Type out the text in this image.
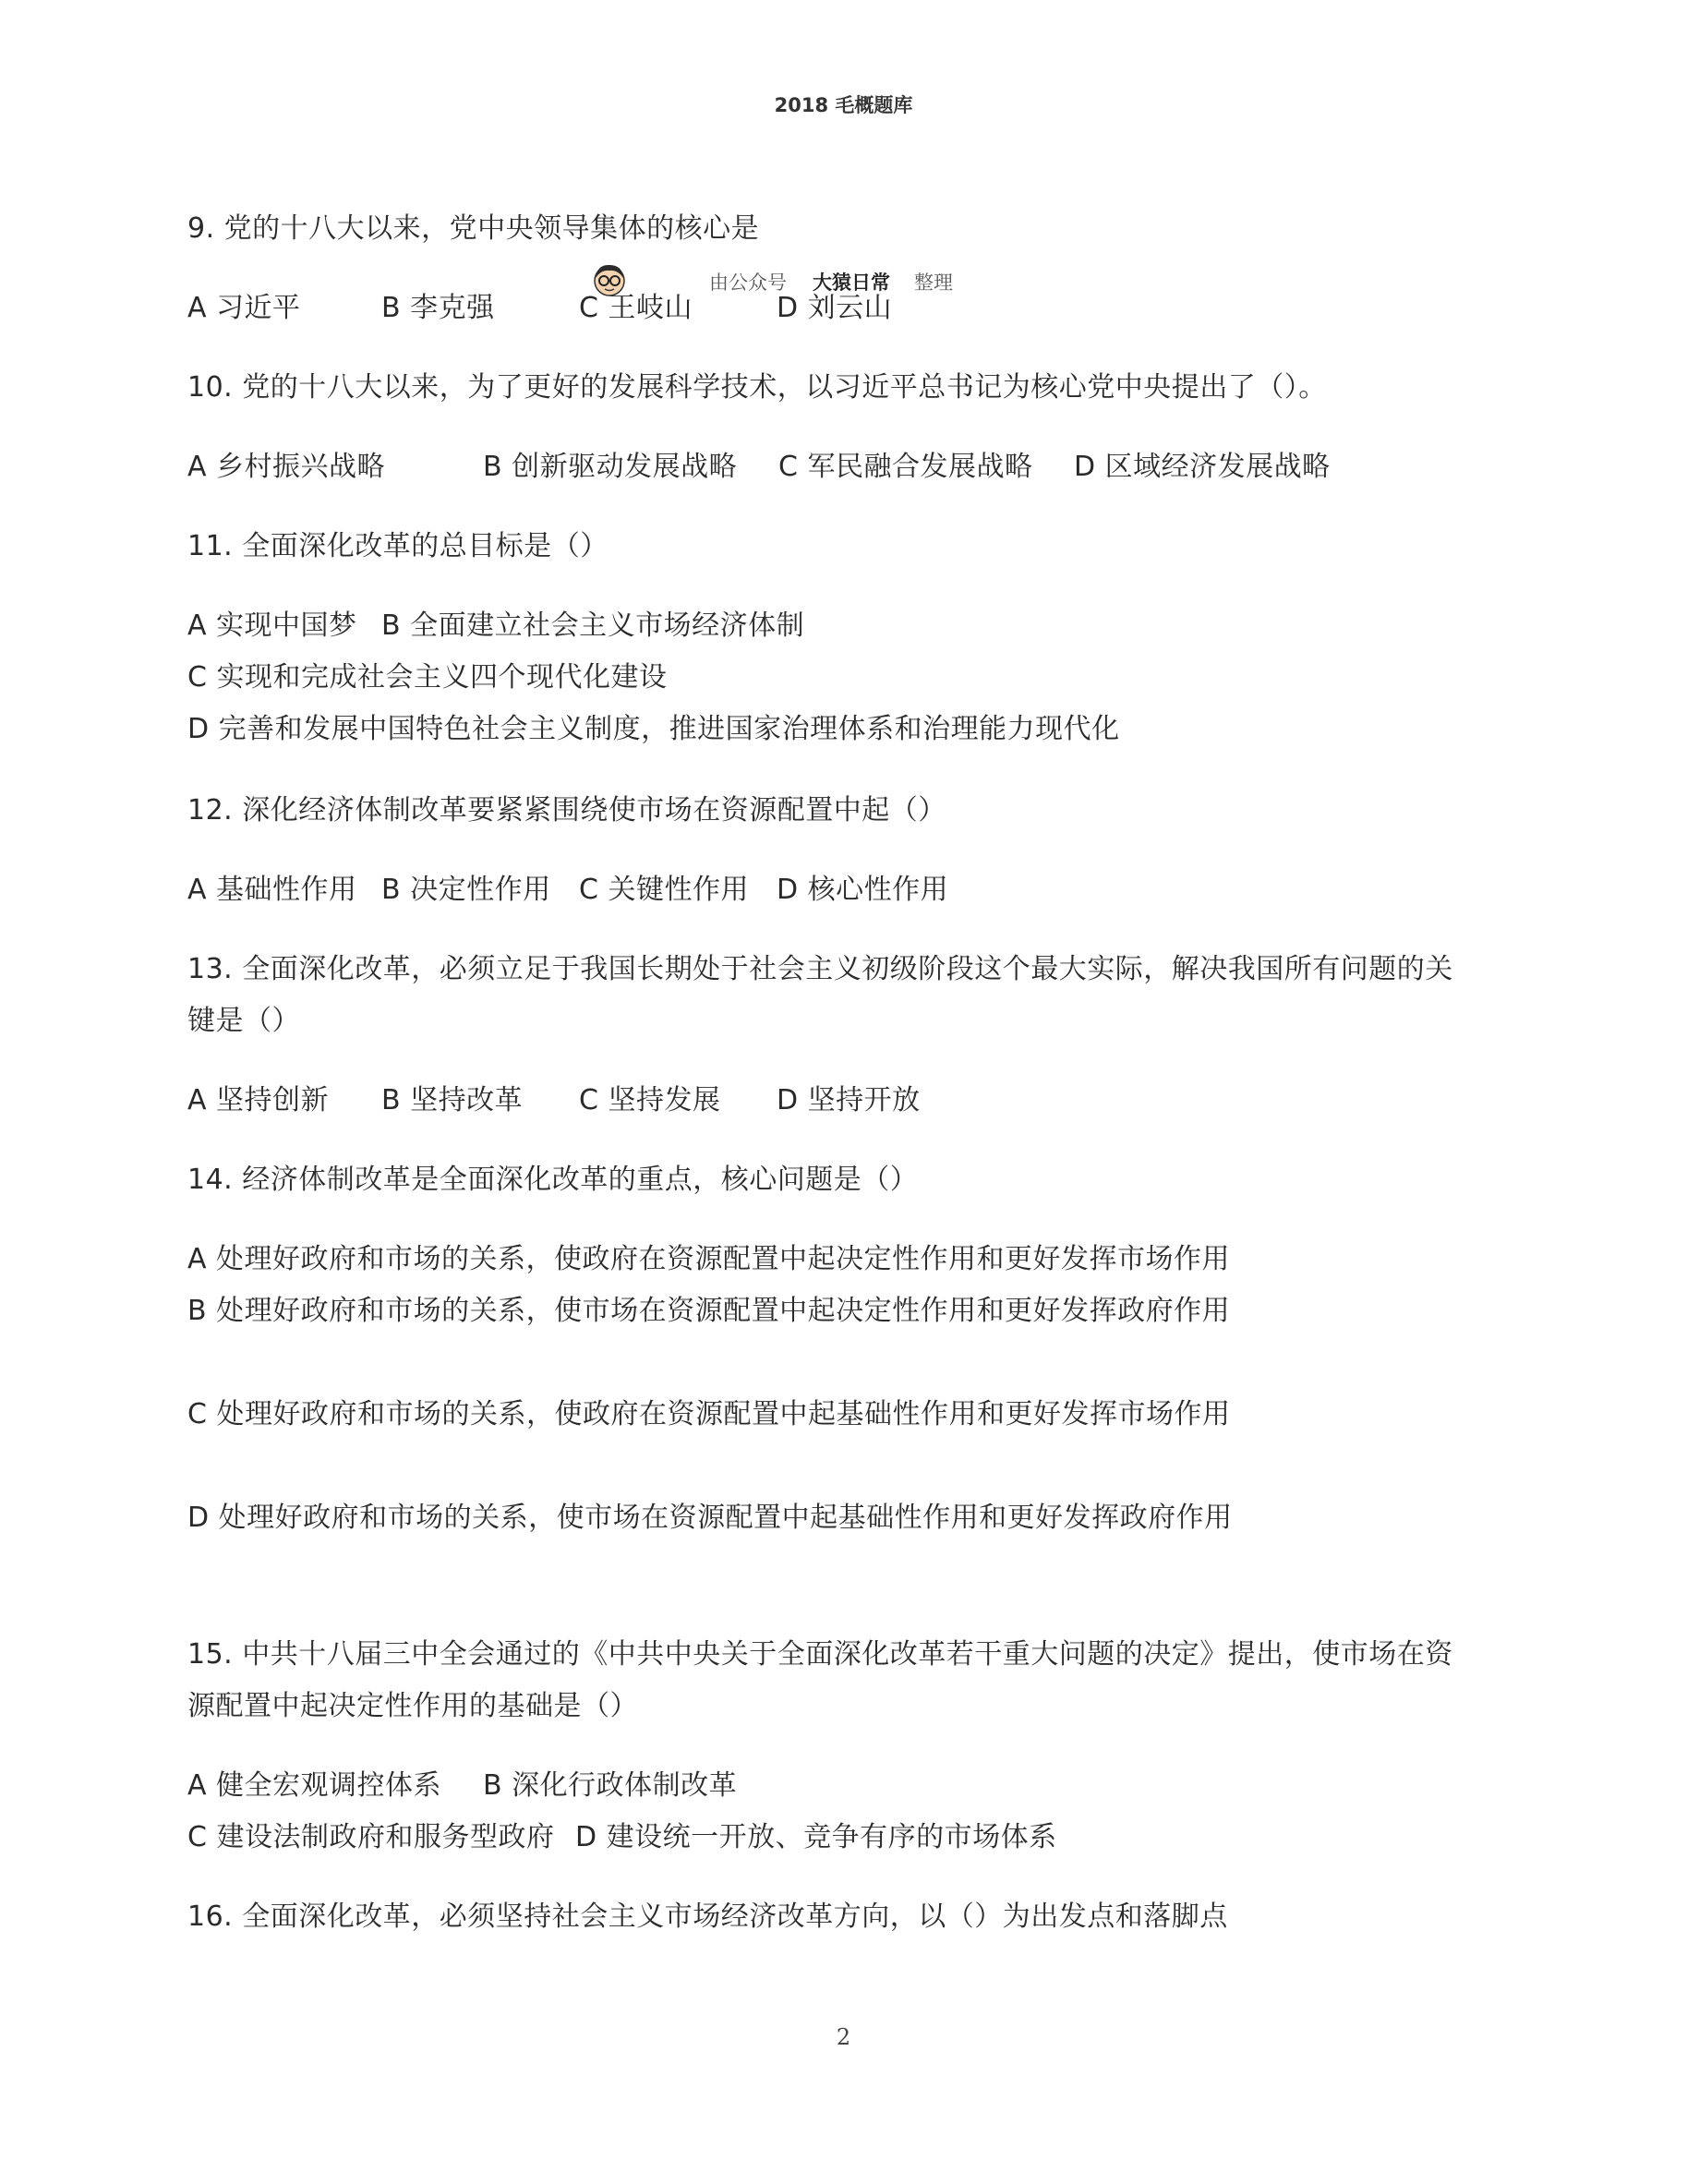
2018 毛概题库
由公众号 大猿日常 整理
9. 党的十八大以来，党中央领导集体的核心是
A 习近平	B 李克强	C 王岐山	D 刘云山
10. 党的十八大以来，为了更好的发展科学技术，以习近平总书记为核心党中央提出了（）。
A 乡村振兴战略	B 创新驱动发展战略 C 军民融合发展战略 D 区域经济发展战略
11. 全面深化改革的总目标是（）
A 实现中国梦 B 全面建立社会主义市场经济体制
C 实现和完成社会主义四个现代化建设
D 完善和发展中国特色社会主义制度，推进国家治理体系和治理能力现代化
12. 深化经济体制改革要紧紧围绕使市场在资源配置中起（）
A 基础性作用 B 决定性作用 C 关键性作用 D 核心性作用
13. 全面深化改革，必须立足于我国长期处于社会主义初级阶段这个最大实际，解决我国所有问题的关
键是（）
A 坚持创新 B 坚持改革 C 坚持发展 D 坚持开放
14. 经济体制改革是全面深化改革的重点，核心问题是（）
A 处理好政府和市场的关系，使政府在资源配置中起决定性作用和更好发挥市场作用
B 处理好政府和市场的关系，使市场在资源配置中起决定性作用和更好发挥政府作用
C 处理好政府和市场的关系，使政府在资源配置中起基础性作用和更好发挥市场作用
D 处理好政府和市场的关系，使市场在资源配置中起基础性作用和更好发挥政府作用
15. 中共十八届三中全会通过的《中共中央关于全面深化改革若干重大问题的决定》提出，使市场在资
源配置中起决定性作用的基础是（）
A 健全宏观调控体系 B 深化行政体制改革
C 建设法制政府和服务型政府 D 建设统一开放、竞争有序的市场体系
16. 全面深化改革，必须坚持社会主义市场经济改革方向，以（）为出发点和落脚点
2
